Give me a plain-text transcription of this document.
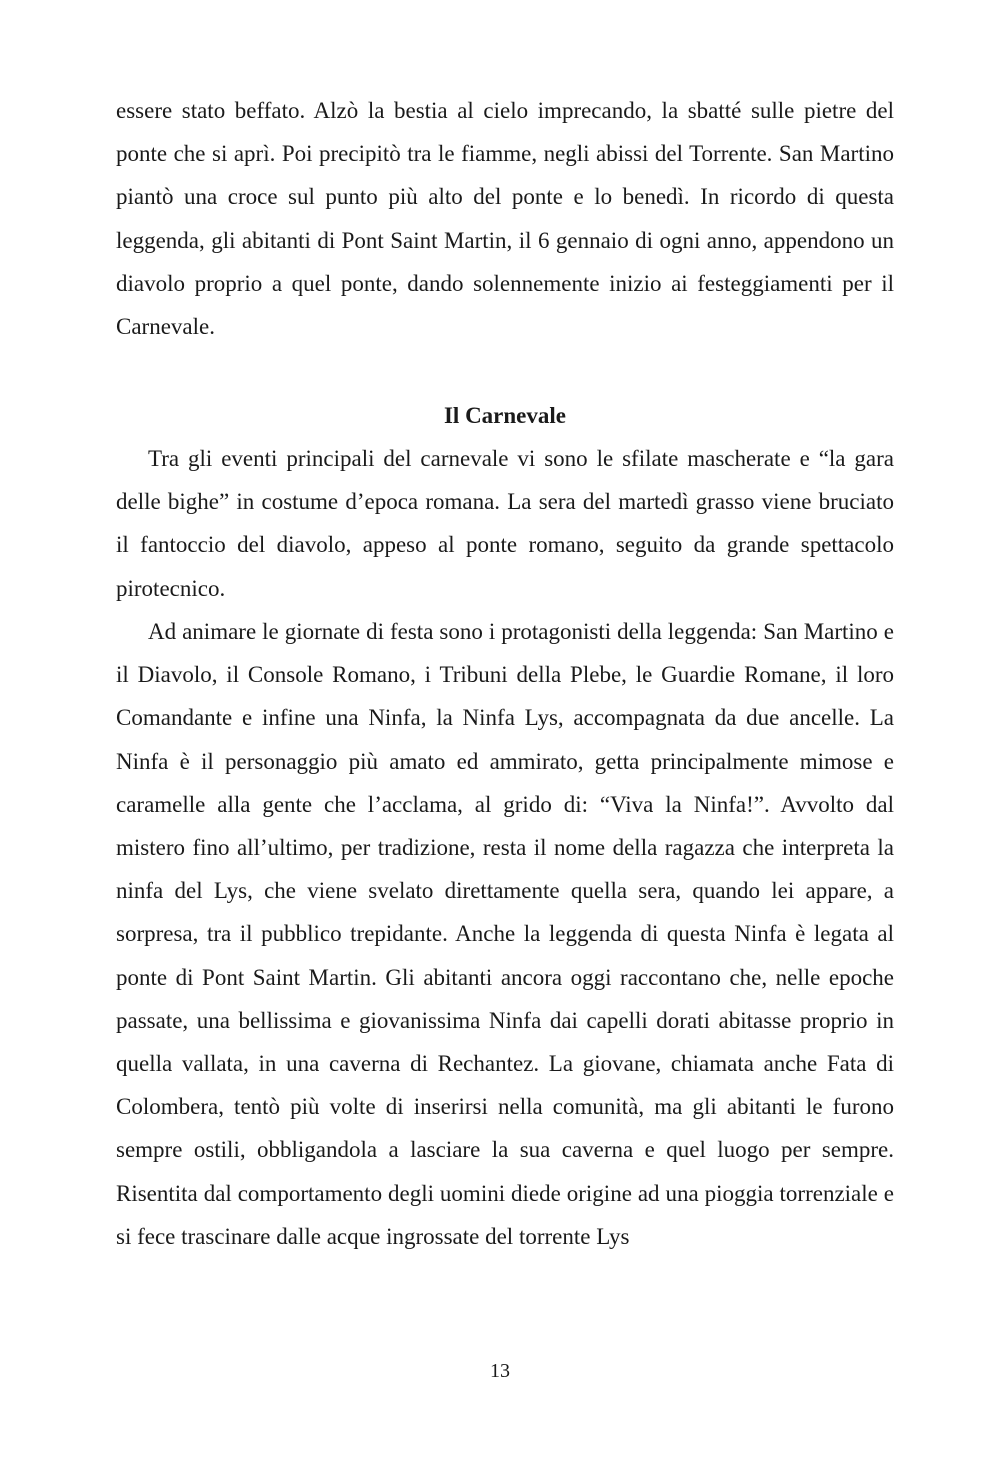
essere stato beffato. Alzò la bestia al cielo imprecando, la sbatté sulle pietre del ponte che si aprì. Poi precipitò tra le fiamme, negli abissi del Torrente. San Martino piantò una croce sul punto più alto del ponte e lo benedì. In ricordo di questa leggenda, gli abitanti di Pont Saint Martin, il 6 gennaio di ogni anno, appendono un diavolo proprio a quel ponte, dando solennemente inizio ai festeggiamenti per il Carnevale.

Il Carnevale

Tra gli eventi principali del carnevale vi sono le sfilate mascherate e “la gara delle bighe” in costume d’epoca romana. La sera del martedì grasso viene bruciato il fantoccio del diavolo, appeso al ponte romano, seguito da grande spettacolo pirotecnico.

Ad animare le giornate di festa sono i protagonisti della leggenda: San Martino e il Diavolo, il Console Romano, i Tribuni della Plebe, le Guardie Romane, il loro Comandante e infine una Ninfa, la Ninfa Lys, accompagnata da due ancelle. La Ninfa è il personaggio più amato ed ammirato, getta principalmente mimose e caramelle alla gente che l’acclama, al grido di: “Viva la Ninfa!”. Avvolto dal mistero fino all’ultimo, per tradizione, resta il nome della ragazza che interpreta la ninfa del Lys, che viene svelato direttamente quella sera, quando lei appare, a sorpresa, tra il pubblico trepidante. Anche la leggenda di questa Ninfa è legata al ponte di Pont Saint Martin. Gli abitanti ancora oggi raccontano che, nelle epoche passate, una bellissima e giovanissima Ninfa dai capelli dorati abitasse proprio in quella vallata, in una caverna di Rechantez. La giovane, chiamata anche Fata di Colombera, tentò più volte di inserirsi nella comunità, ma gli abitanti le furono sempre ostili, obbligandola a lasciare la sua caverna e quel luogo per sempre. Risentita dal comportamento degli uomini diede origine ad una pioggia torrenziale e si fece trascinare dalle acque ingrossate del torrente Lys

13
